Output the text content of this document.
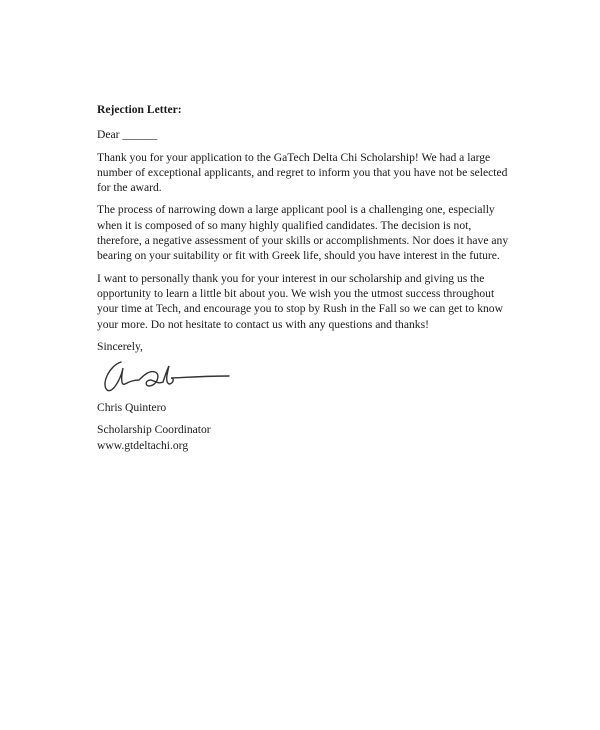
Rejection Letter:
Dear ______
Thank you for your application to the GaTech Delta Chi Scholarship! We had a large
number of exceptional applicants, and regret to inform you that you have not be selected
for the award.
The process of narrowing down a large applicant pool is a challenging one, especially
when it is composed of so many highly qualified candidates. The decision is not,
therefore, a negative assessment of your skills or accomplishments. Nor does it have any
bearing on your suitability or fit with Greek life, should you have interest in the future.
I want to personally thank you for your interest in our scholarship and giving us the
opportunity to learn a little bit about you. We wish you the utmost success throughout
your time at Tech, and encourage you to stop by Rush in the Fall so we can get to know
your more. Do not hesitate to contact us with any questions and thanks!
Sincerely,
Chris Quintero
Scholarship Coordinator
www.gtdeltachi.org
